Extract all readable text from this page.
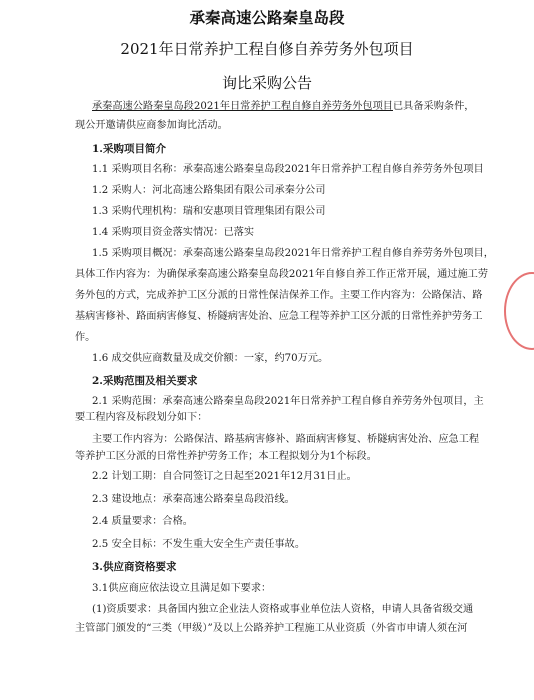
承秦高速公路秦皇岛段
2021年日常养护工程自修自养劳务外包项目
询比采购公告
承秦高速公路秦皇岛段2021年日常养护工程自修自养劳务外包项目已具备采购条件，
现公开邀请供应商参加询比活动。
1.采购项目简介
1.1 采购项目名称：承秦高速公路秦皇岛段2021年日常养护工程自修自养劳务外包项目
1.2 采购人：河北高速公路集团有限公司承秦分公司
1.3 采购代理机构：瑞和安惠项目管理集团有限公司
1.4 采购项目资金落实情况：已落实
1.5 采购项目概况：承秦高速公路秦皇岛段2021年日常养护工程自修自养劳务外包项目，
具体工作内容为：为确保承秦高速公路秦皇岛段2021年自修自养工作正常开展，通过施工劳
务外包的方式，完成养护工区分派的日常性保洁保养工作。主要工作内容为：公路保洁、路
基病害修补、路面病害修复、桥隧病害处治、应急工程等养护工区分派的日常性养护劳务工
作。
1.6 成交供应商数量及成交价额：一家，约70万元。
2.采购范围及相关要求
2.1 采购范围：承秦高速公路秦皇岛段2021年日常养护工程自修自养劳务外包项目，主
要工程内容及标段划分如下：
主要工作内容为：公路保洁、路基病害修补、路面病害修复、桥隧病害处治、应急工程
等养护工区分派的日常性养护劳务工作；本工程拟划分为1个标段。
2.2 计划工期：自合同签订之日起至2021年12月31日止。
2.3 建设地点：承秦高速公路秦皇岛段沿线。
2.4 质量要求：合格。
2.5 安全目标：不发生重大安全生产责任事故。
3.供应商资格要求
3.1供应商应依法设立且满足如下要求：
(1)资质要求：具备国内独立企业法人资格或事业单位法人资格，申请人具备省级交通
主管部门颁发的“三类（甲级）”及以上公路养护工程施工从业资质（外省市申请人须在河
